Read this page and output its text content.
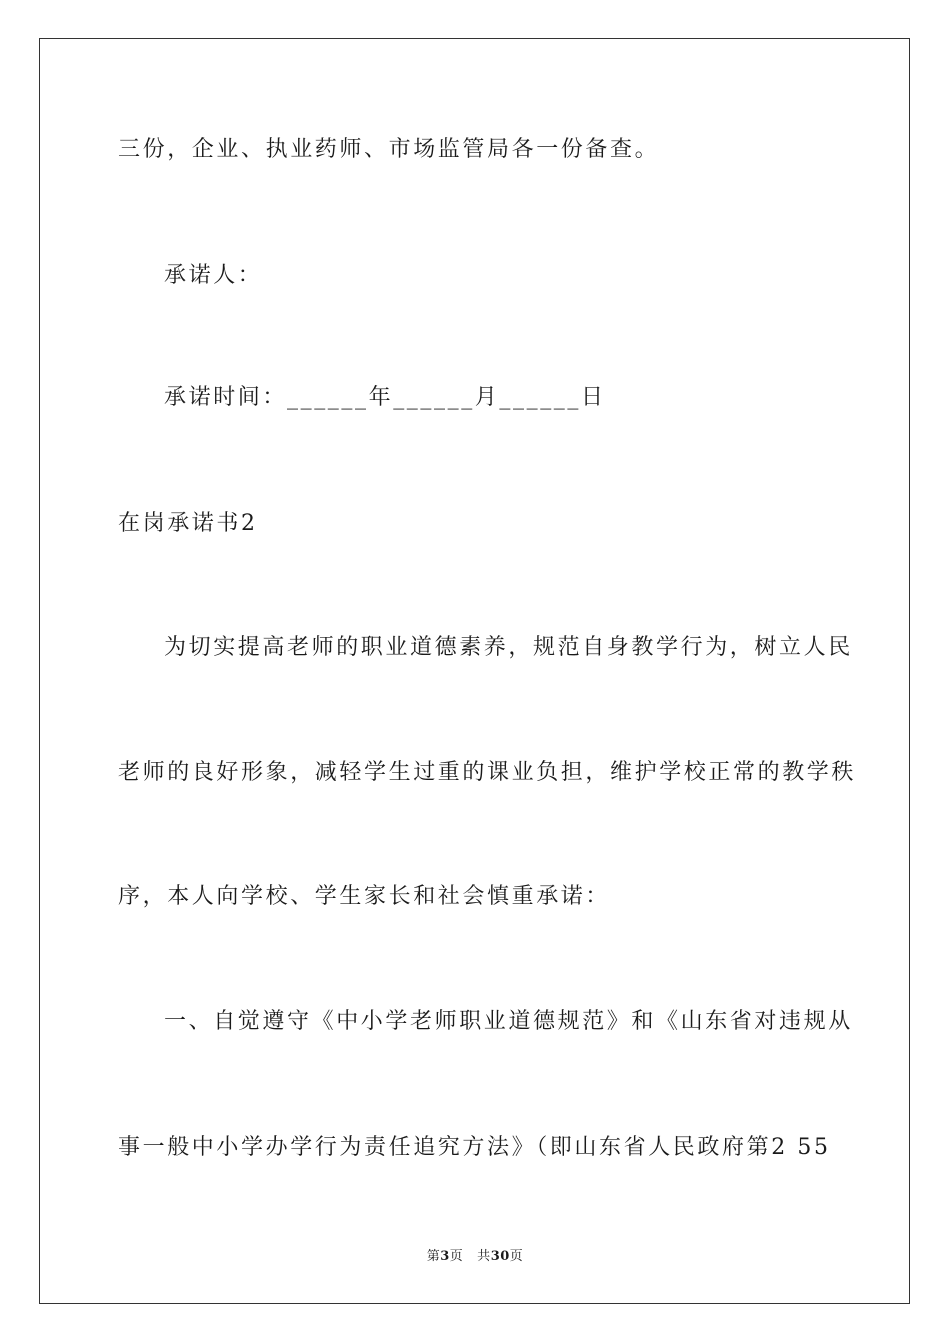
三份，企业、执业药师、市场监管局各一份备查。
承诺人：
承诺时间：______年______月______日
在岗承诺书2
为切实提高老师的职业道德素养，规范自身教学行为，树立人民
老师的良好形象，减轻学生过重的课业负担，维护学校正常的教学秩
序，本人向学校、学生家长和社会慎重承诺：
一、自觉遵守《中小学老师职业道德规范》和《山东省对违规从
事一般中小学办学行为责任追究方法》（即山东省人民政府第2 55
第3页 共30页
